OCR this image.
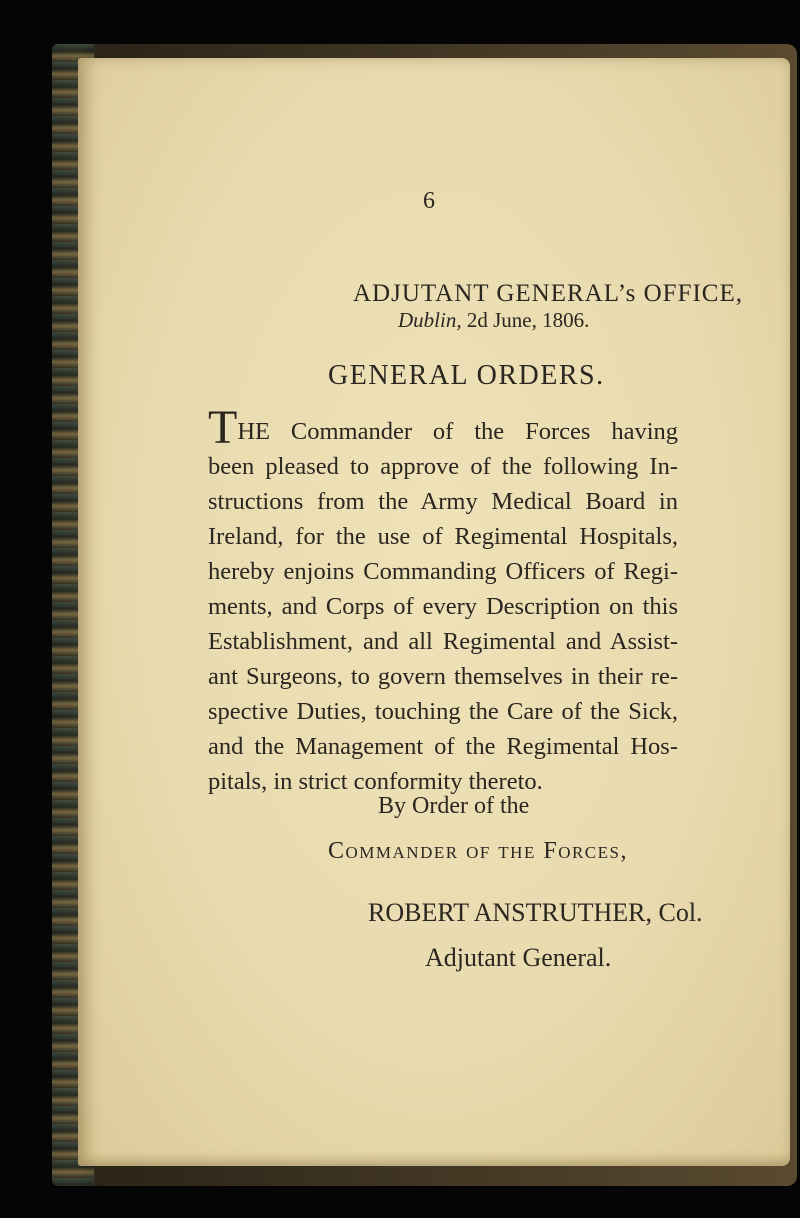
6
ADJUTANT GENERAL’s OFFICE,
Dublin, 2d June, 1806.
GENERAL ORDERS.
THE Commander of the Forces having
been pleased to approve of the following In-
structions from the Army Medical Board in
Ireland, for the use of Regimental Hospitals,
hereby enjoins Commanding Officers of Regi-
ments, and Corps of every Description on this
Establishment, and all Regimental and Assist-
ant Surgeons, to govern themselves in their re-
spective Duties, touching the Care of the Sick,
and the Management of the Regimental Hos-
pitals, in strict conformity thereto.
By Order of the
Commander of the Forces,
ROBERT ANSTRUTHER, Col.
Adjutant General.
